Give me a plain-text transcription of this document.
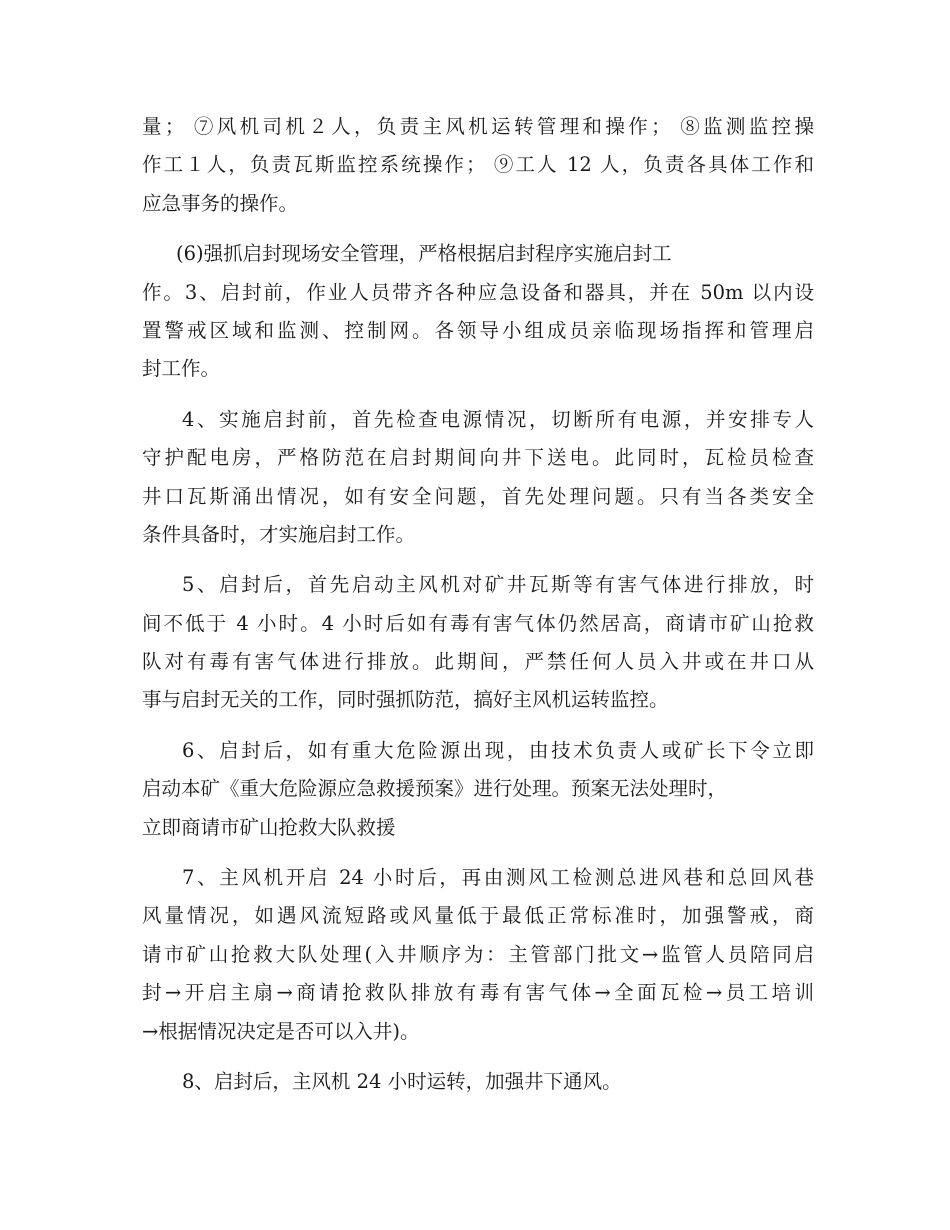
量； ⑦风机司机２人，负责主风机运转管理和操作； ⑧监测监控操
作工１人，负责瓦斯监控系统操作； ⑨工人 12 人，负责各具体工作和
应急事务的操作。
(6)强抓启封现场安全管理，严格根据启封程序实施启封工
作。3、启封前，作业人员带齐各种应急设备和器具，并在 50m 以内设
置警戒区域和监测、控制网。各领导小组成员亲临现场指挥和管理启
封工作。
4、实施启封前，首先检查电源情况，切断所有电源，并安排专人
守护配电房，严格防范在启封期间向井下送电。此同时，瓦检员检查
井口瓦斯涌出情况，如有安全问题，首先处理问题。只有当各类安全
条件具备时，才实施启封工作。
5、启封后，首先启动主风机对矿井瓦斯等有害气体进行排放，时
间不低于 4 小时。4 小时后如有毒有害气体仍然居高，商请市矿山抢救
队对有毒有害气体进行排放。此期间，严禁任何人员入井或在井口从
事与启封无关的工作，同时强抓防范，搞好主风机运转监控。
6、启封后，如有重大危险源出现，由技术负责人或矿长下令立即
启动本矿《重大危险源应急救援预案》进行处理。预案无法处理时，
立即商请市矿山抢救大队救援
7、主风机开启 24 小时后，再由测风工检测总进风巷和总回风巷
风量情况，如遇风流短路或风量低于最低正常标准时，加强警戒，商
请市矿山抢救大队处理(入井顺序为：主管部门批文→监管人员陪同启
封→开启主扇→商请抢救队排放有毒有害气体→全面瓦检→员工培训
→根据情况决定是否可以入井)。
8、启封后，主风机 24 小时运转，加强井下通风。
